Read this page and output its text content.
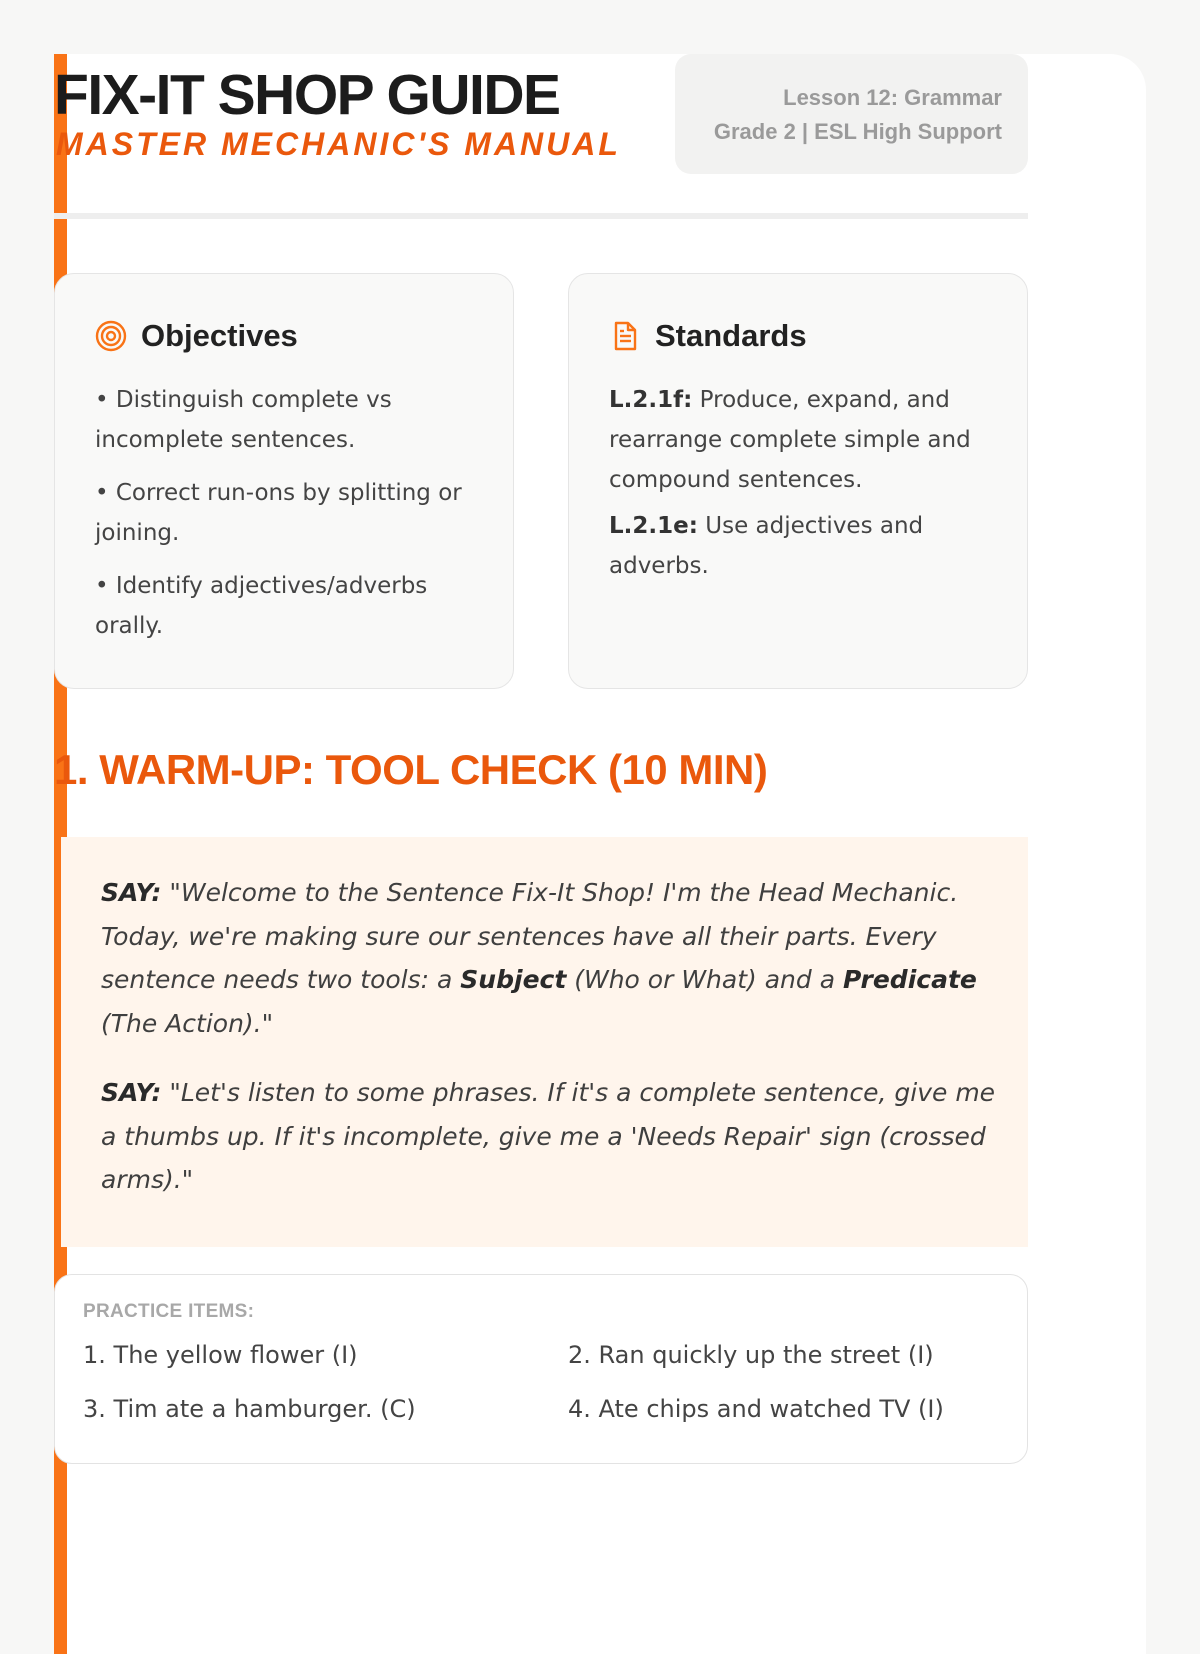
FIX-IT SHOP GUIDE
MASTER MECHANIC'S MANUAL
Lesson 12: Grammar
Grade 2 | ESL High Support
Objectives
• Distinguish complete vs incomplete sentences.
• Correct run-ons by splitting or joining.
• Identify adjectives/adverbs orally.
Standards
L.2.1f: Produce, expand, and rearrange complete simple and compound sentences.
L.2.1e: Use adjectives and adverbs.
1. WARM-UP: TOOL CHECK (10 MIN)

SAY: "Welcome to the Sentence Fix-It Shop! I'm the Head Mechanic. Today, we're making sure our sentences have all their parts. Every sentence needs two tools: a Subject (Who or What) and a Predicate (The Action)."

SAY: "Let's listen to some phrases. If it's a complete sentence, give me a thumbs up. If it's incomplete, give me a 'Needs Repair' sign (crossed arms)."

PRACTICE ITEMS:
1. The yellow flower (I)	2. Ran quickly up the street (I)
3. Tim ate a hamburger. (C)	4. Ate chips and watched TV (I)
